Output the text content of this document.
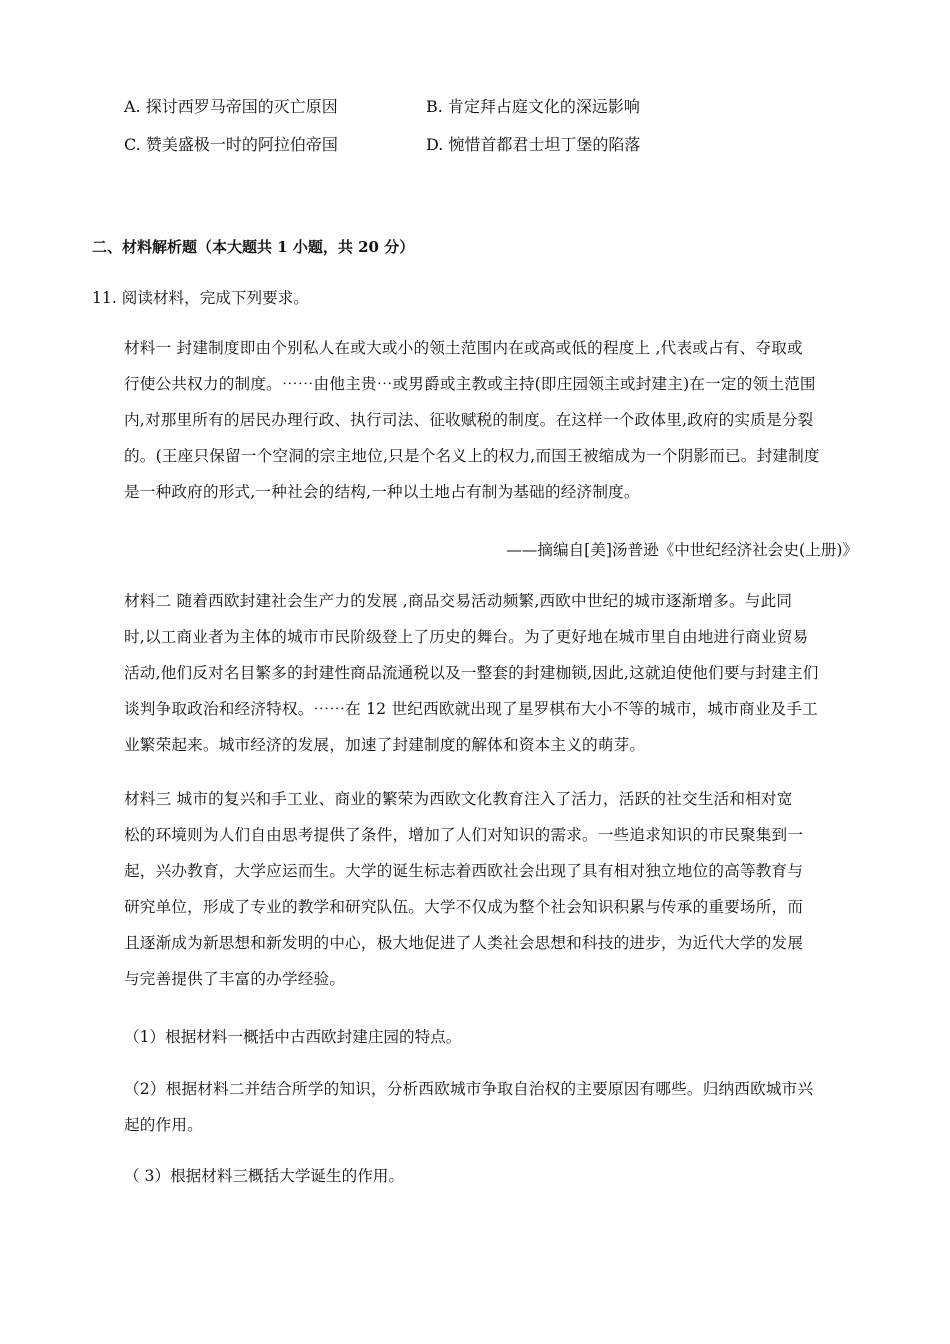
A. 探讨西罗马帝国的灭亡原因	B. 肯定拜占庭文化的深远影响
C. 赞美盛极一时的阿拉伯帝国	D. 惋惜首都君士坦丁堡的陷落
二、材料解析题（本大题共 1 小题，共 20 分）
11. 阅读材料，完成下列要求。
材料一 封建制度即由个别私人在或大或小的领土范围内在或高或低的程度上 ,代表或占有、夺取或
行使公共权力的制度。⋯⋯由他主贵⋯或男爵或主教或主持(即庄园领主或封建主)在一定的领土范围
内,对那里所有的居民办理行政、执行司法、征收赋税的制度。在这样一个政体里,政府的实质是分裂
的。(王座只保留一个空洞的宗主地位,只是个名义上的权力,而国王被缩成为一个阴影而已。封建制度
是一种政府的形式,一种社会的结构,一种以土地占有制为基础的经济制度。
——摘编自[美]汤普逊《中世纪经济社会史(上册)》
材料二 随着西欧封建社会生产力的发展 ,商品交易活动频繁,西欧中世纪的城市逐渐增多。与此同
时,以工商业者为主体的城市市民阶级登上了历史的舞台。为了更好地在城市里自由地进行商业贸易
活动,他们反对名目繁多的封建性商品流通税以及一整套的封建枷锁,因此,这就迫使他们要与封建主们
谈判争取政治和经济特权。⋯⋯在 12 世纪西欧就出现了星罗棋布大小不等的城市，城市商业及手工
业繁荣起来。城市经济的发展，加速了封建制度的解体和资本主义的萌芽。
材料三 城市的复兴和手工业、商业的繁荣为西欧文化教育注入了活力，活跃的社交生活和相对宽
松的环境则为人们自由思考提供了条件，增加了人们对知识的需求。一些追求知识的市民聚集到一
起，兴办教育，大学应运而生。大学的诞生标志着西欧社会出现了具有相对独立地位的高等教育与
研究单位，形成了专业的教学和研究队伍。大学不仅成为整个社会知识积累与传承的重要场所，而
且逐渐成为新思想和新发明的中心，极大地促进了人类社会思想和科技的进步，为近代大学的发展
与完善提供了丰富的办学经验。
（1）根据材料一概括中古西欧封建庄园的特点。
（2）根据材料二并结合所学的知识，分析西欧城市争取自治权的主要原因有哪些。归纳西欧城市兴
起的作用。
（ 3）根据材料三概括大学诞生的作用。
